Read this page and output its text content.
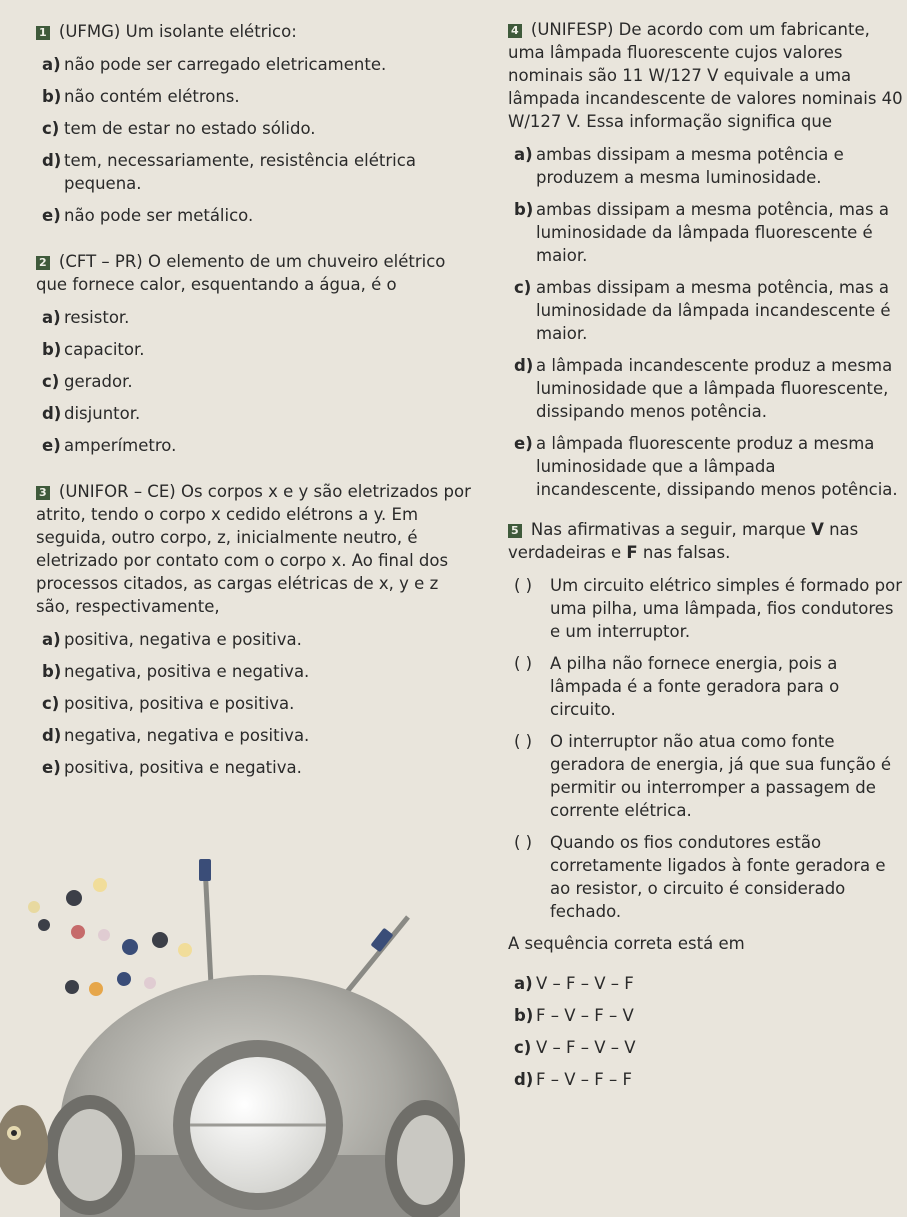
1 (UFMG) Um isolante elétrico:

a) não pode ser carregado eletricamente.
b) não contém elétrons.
c) tem de estar no estado sólido.
d) tem, necessariamente, resistência elétrica pequena.
e) não pode ser metálico.

2 (CFT – PR) O elemento de um chuveiro elétrico que fornece calor, esquentando a água, é o

a) resistor.
b) capacitor.
c) gerador.
d) disjuntor.
e) amperímetro.

3 (UNIFOR – CE) Os corpos x e y são eletrizados por atrito, tendo o corpo x cedido elétrons a y. Em seguida, outro corpo, z, inicialmente neutro, é eletrizado por contato com o corpo x. Ao final dos processos citados, as cargas elétricas de x, y e z são, respectivamente,

a) positiva, negativa e positiva.
b) negativa, positiva e negativa.
c) positiva, positiva e positiva.
d) negativa, negativa e positiva.
e) positiva, positiva e negativa.

4 (UNIFESP) De acordo com um fabricante, uma lâmpada fluorescente cujos valores nominais são 11 W/127 V equivale a uma lâmpada incandescente de valores nominais 40 W/127 V. Essa informação significa que

a) ambas dissipam a mesma potência e produzem a mesma luminosidade.
b) ambas dissipam a mesma potência, mas a luminosidade da lâmpada fluorescente é maior.
c) ambas dissipam a mesma potência, mas a luminosidade da lâmpada incandescente é maior.
d) a lâmpada incandescente produz a mesma luminosidade que a lâmpada fluorescente, dissipando menos potência.
e) a lâmpada fluorescente produz a mesma luminosidade que a lâmpada incandescente, dissipando menos potência.

5 Nas afirmativas a seguir, marque V nas verdadeiras e F nas falsas.

( )	Um circuito elétrico simples é formado por uma pilha, uma lâmpada, fios condutores e um interruptor.
( )	A pilha não fornece energia, pois a lâmpada é a fonte geradora para o circuito.
( )	O interruptor não atua como fonte geradora de energia, já que sua função é permitir ou interromper a passagem de corrente elétrica.
( )	Quando os fios condutores estão corretamente ligados à fonte geradora e ao resistor, o circuito é considerado fechado.

A sequência correta está em

a) V – F – V – F
b) F – V – F – V
c) V – F – V – V
d) F – V – F – F
